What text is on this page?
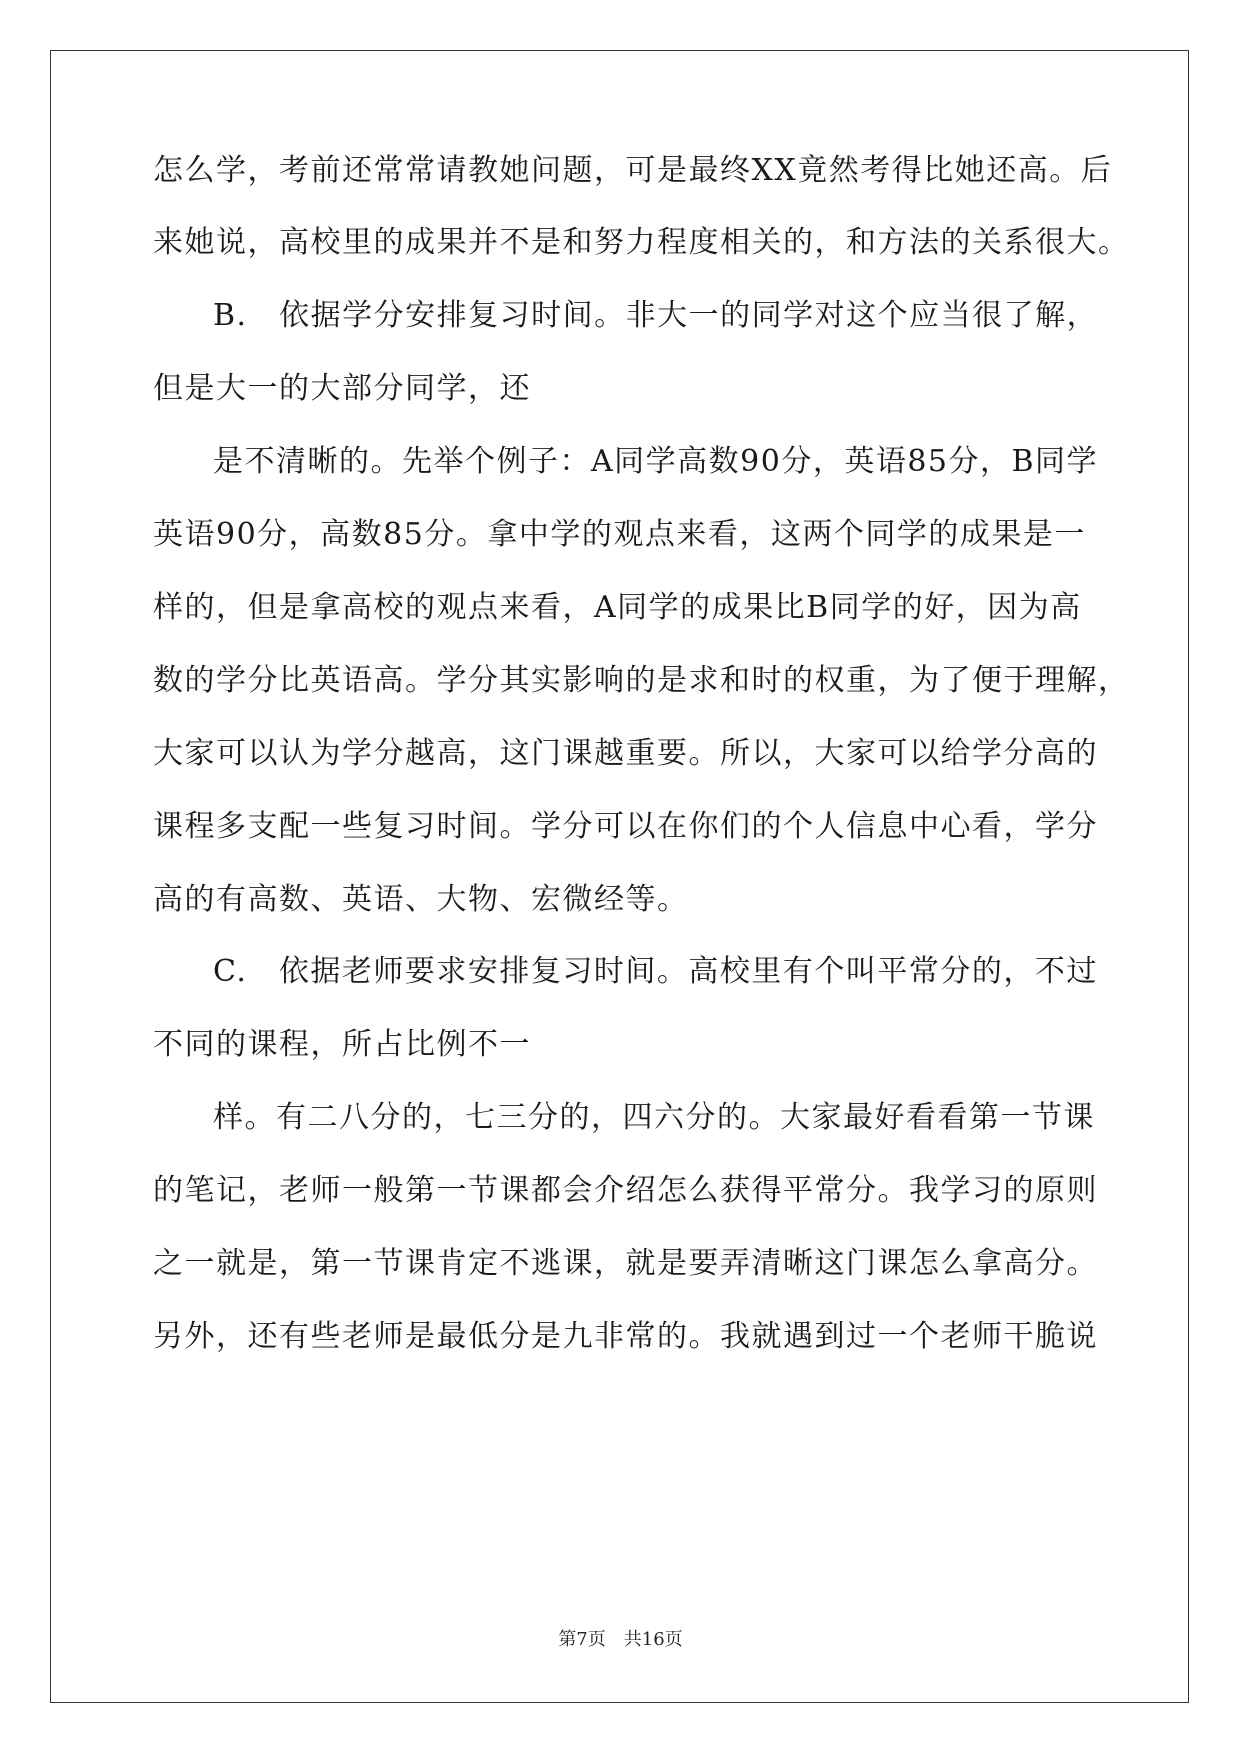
怎么学，考前还常常请教她问题，可是最终XX竟然考得比她还高。后
来她说，高校里的成果并不是和努力程度相关的，和方法的关系很大。
B.　依据学分安排复习时间。非大一的同学对这个应当很了解，
但是大一的大部分同学，还
是不清晰的。先举个例子：A同学高数90分，英语85分，B同学
英语90分，高数85分。拿中学的观点来看，这两个同学的成果是一
样的，但是拿高校的观点来看，A同学的成果比B同学的好，因为高
数的学分比英语高。学分其实影响的是求和时的权重，为了便于理解，
大家可以认为学分越高，这门课越重要。所以，大家可以给学分高的
课程多支配一些复习时间。学分可以在你们的个人信息中心看，学分
高的有高数、英语、大物、宏微经等。
C.　依据老师要求安排复习时间。高校里有个叫平常分的，不过
不同的课程，所占比例不一
样。有二八分的，七三分的，四六分的。大家最好看看第一节课
的笔记，老师一般第一节课都会介绍怎么获得平常分。我学习的原则
之一就是，第一节课肯定不逃课，就是要弄清晰这门课怎么拿高分。
另外，还有些老师是最低分是九非常的。我就遇到过一个老师干脆说
第7页　共16页
